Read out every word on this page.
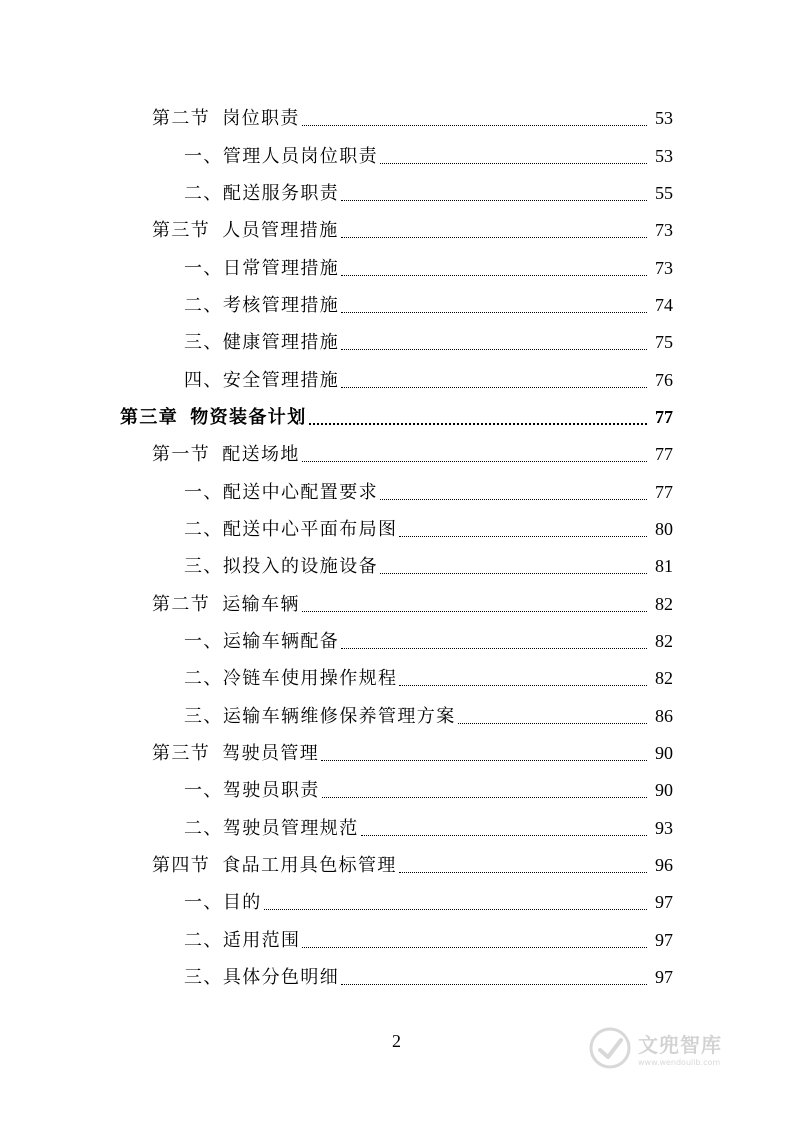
第二节 岗位职责	53
一、管理人员岗位职责	53
二、配送服务职责	55
第三节 人员管理措施	73
一、日常管理措施	73
二、考核管理措施	74
三、健康管理措施	75
四、安全管理措施	76
第三章 物资装备计划	77
第一节 配送场地	77
一、配送中心配置要求	77
二、配送中心平面布局图	80
三、拟投入的设施设备	81
第二节 运输车辆	82
一、运输车辆配备	82
二、冷链车使用操作规程	82
三、运输车辆维修保养管理方案	86
第三节 驾驶员管理	90
一、驾驶员职责	90
二、驾驶员管理规范	93
第四节 食品工用具色标管理	96
一、目的	97
二、适用范围	97
三、具体分色明细	97
2	文兜智库
www.wendoulib.com
